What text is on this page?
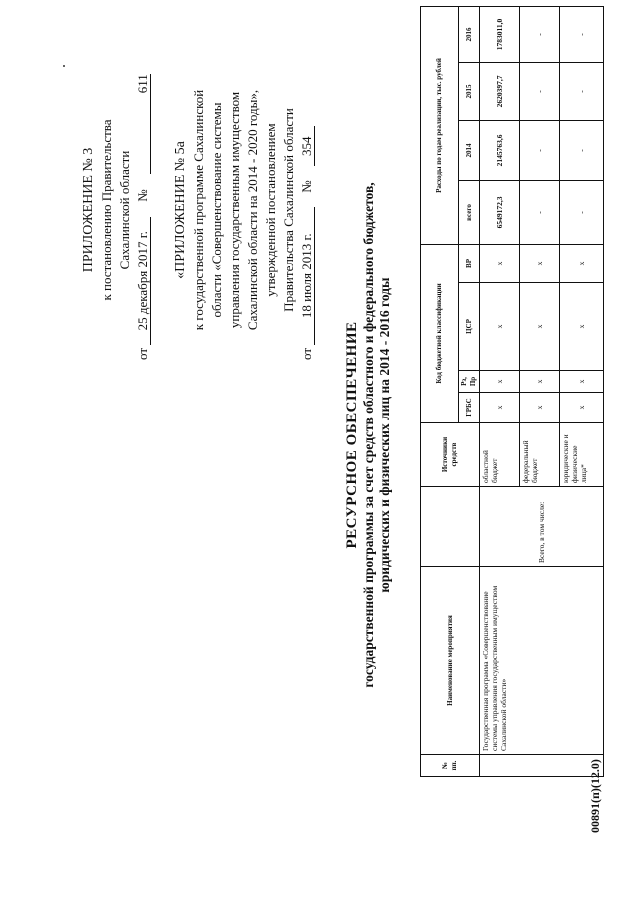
ПРИЛОЖЕНИЕ № 3 к постановлению Правительства Сахалинской области
от 25 декабря 2017 г. № 611
«ПРИЛОЖЕНИЕ № 5а к государственной программе Сахалинской области «Совершенствование системы управления государственным имуществом Сахалинской области на 2014 - 2020 годы», утвержденной постановлением Правительства Сахалинской области
от 18 июля 2013 г. № 354
РЕСУРСНОЕ ОБЕСПЕЧЕНИЕ государственной программы за счет средств областного и федерального бюджетов, юридических и физических лиц на 2014 - 2016 годы
№ пп.	Наименование мероприятия		Источники средств	Код бюджетной классификации				Расходы по годам реализации, тыс. рублей			
				ГРБС	Рз, Пр	ЦСР	ВР	всего	2014	2015	2016
	Государственная программа «Совершенствование системы управления государственным имуществом Сахалинской области»	Всего, в том числе:	областной бюджет	х	х	х	х	6549172,3	2145763,6	2620397,7	1783011,0
			федеральный бюджет	х	х	х	х	-	-	-	-
			юридические и физические лица*	х	х	х	х	-	-	-	-
00891(п)(12.0)
